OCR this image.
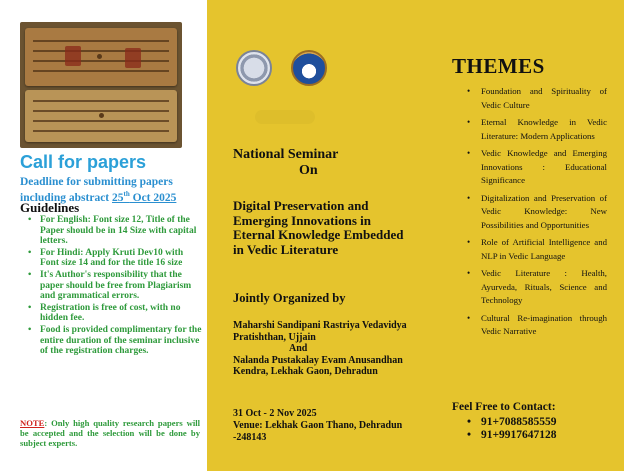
Call for papers
Deadline for submitting papers including abstract 25th Oct 2025
Guidelines
• For English: Font size 12, Title of the Paper should be in 14 Size with capital letters.
• For Hindi: Apply Kruti Dev10 with Font size 14 and for the title 16 size
• It's Author's responsibility that the paper should be free from Plagiarism and grammatical errors.
• Registration is free of cost, with no hidden fee.
• Food is provided complimentary for the entire duration of the seminar inclusive of the registration charges.
NOTE: Only high quality research papers will be accepted and the selection will be done by subject experts.
National Seminar
On
Digital Preservation and Emerging Innovations in Eternal Knowledge Embedded in Vedic Literature
Jointly Organized by
Maharshi Sandipani Rastriya Vedavidya Pratishthan, Ujjain
And
Nalanda Pustakalay Evam Anusandhan Kendra, Lekhak Gaon, Dehradun
31 Oct - 2 Nov 2025
Venue: Lekhak Gaon Thano, Dehradun -248143
THEMES
• Foundation and Spirituality of Vedic Culture
• Eternal Knowledge in Vedic Literature: Modern Applications
• Vedic Knowledge and Emerging Innovations : Educational Significance
• Digitalization and Preservation of Vedic Knowledge: New Possibilities and Opportunities
• Role of Artificial Intelligence and NLP in Vedic Language
• Vedic Literature : Health, Ayurveda, Rituals, Science and Technology
• Cultural Re-imagination through Vedic Narrative
Feel Free to Contact:
• 91+7088585559
• 91+9917647128
